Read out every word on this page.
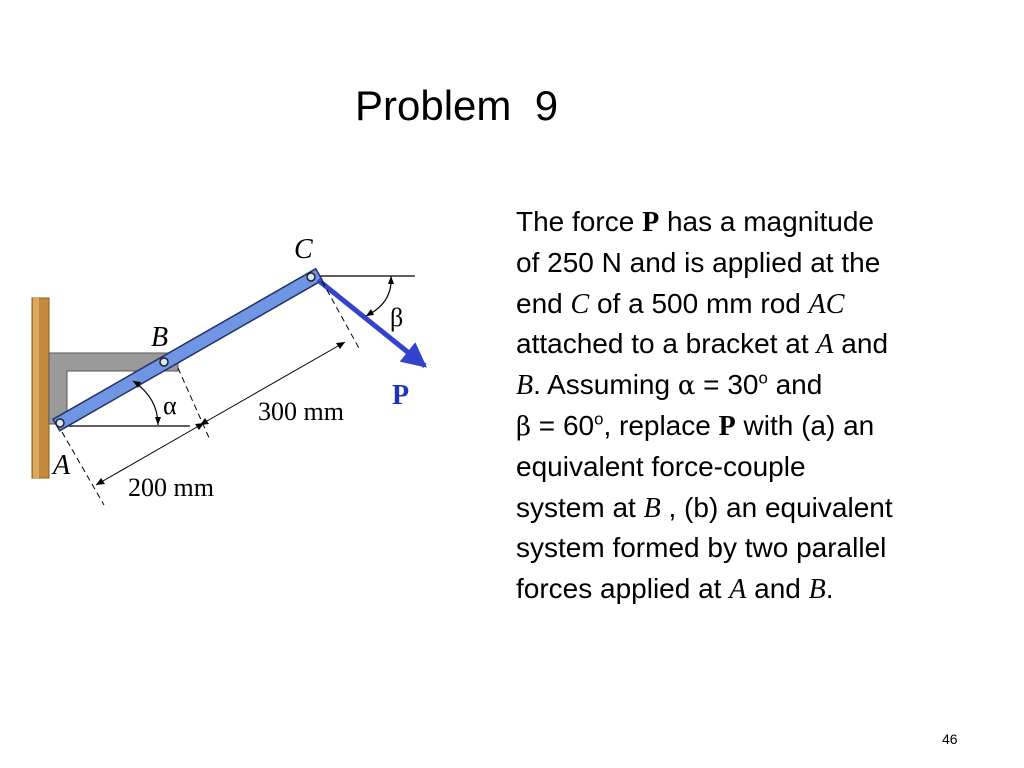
Problem  9
C
B
A
P
α
β
300 mm
200 mm
The force P has a magnitude
of 250 N and is applied at the
end C of a 500 mm rod AC
attached to a bracket at A and
B. Assuming $\alpha = 30^o$ and
$\beta = 60^o$, replace P with (a) an
equivalent force-couple
system at B , (b) an equivalent
system formed by two parallel
forces applied at A and B.
46
